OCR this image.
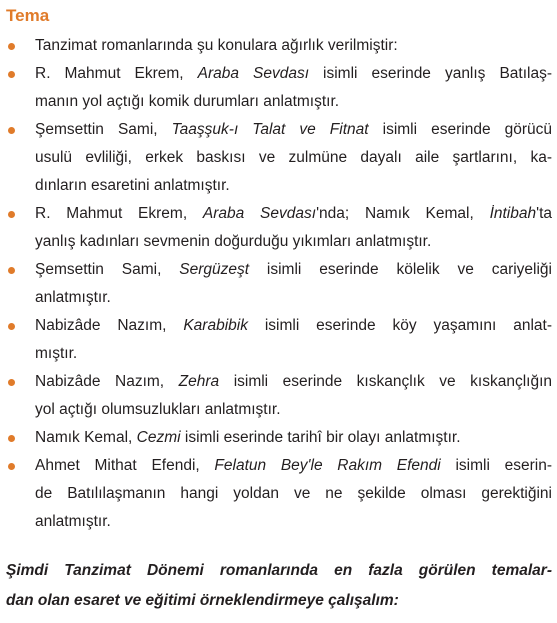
Tema
Tanzimat romanlarında şu konulara ağırlık verilmiştir:
R. Mahmut Ekrem, Araba Sevdası isimli eserinde yanlış Batılaş-
manın yol açtığı komik durumları anlatmıştır.
Şemsettin Sami, Taaşşuk-ı Talat ve Fitnat isimli eserinde görücü
usulü evliliği, erkek baskısı ve zulmüne dayalı aile şartlarını, ka-
dınların esaretini anlatmıştır.
R. Mahmut Ekrem, Araba Sevdası'nda; Namık Kemal, İntibah'ta
yanlış kadınları sevmenin doğurduğu yıkımları anlatmıştır.
Şemsettin Sami, Sergüzeşt isimli eserinde kölelik ve cariyeliği
anlatmıştır.
Nabizâde Nazım, Karabibik isimli eserinde köy yaşamını anlat-
mıştır.
Nabizâde Nazım, Zehra isimli eserinde kıskançlık ve kıskançlığın
yol açtığı olumsuzlukları anlatmıştır.
Namık Kemal, Cezmi isimli eserinde tarihî bir olayı anlatmıştır.
Ahmet Mithat Efendi, Felatun Bey'le Rakım Efendi isimli eserin-
de Batılılaşmanın hangi yoldan ve ne şekilde olması gerektiğini
anlatmıştır.
Şimdi Tanzimat Dönemi romanlarında en fazla görülen temalar-
dan olan esaret ve eğitimi örneklendirmeye çalışalım:
